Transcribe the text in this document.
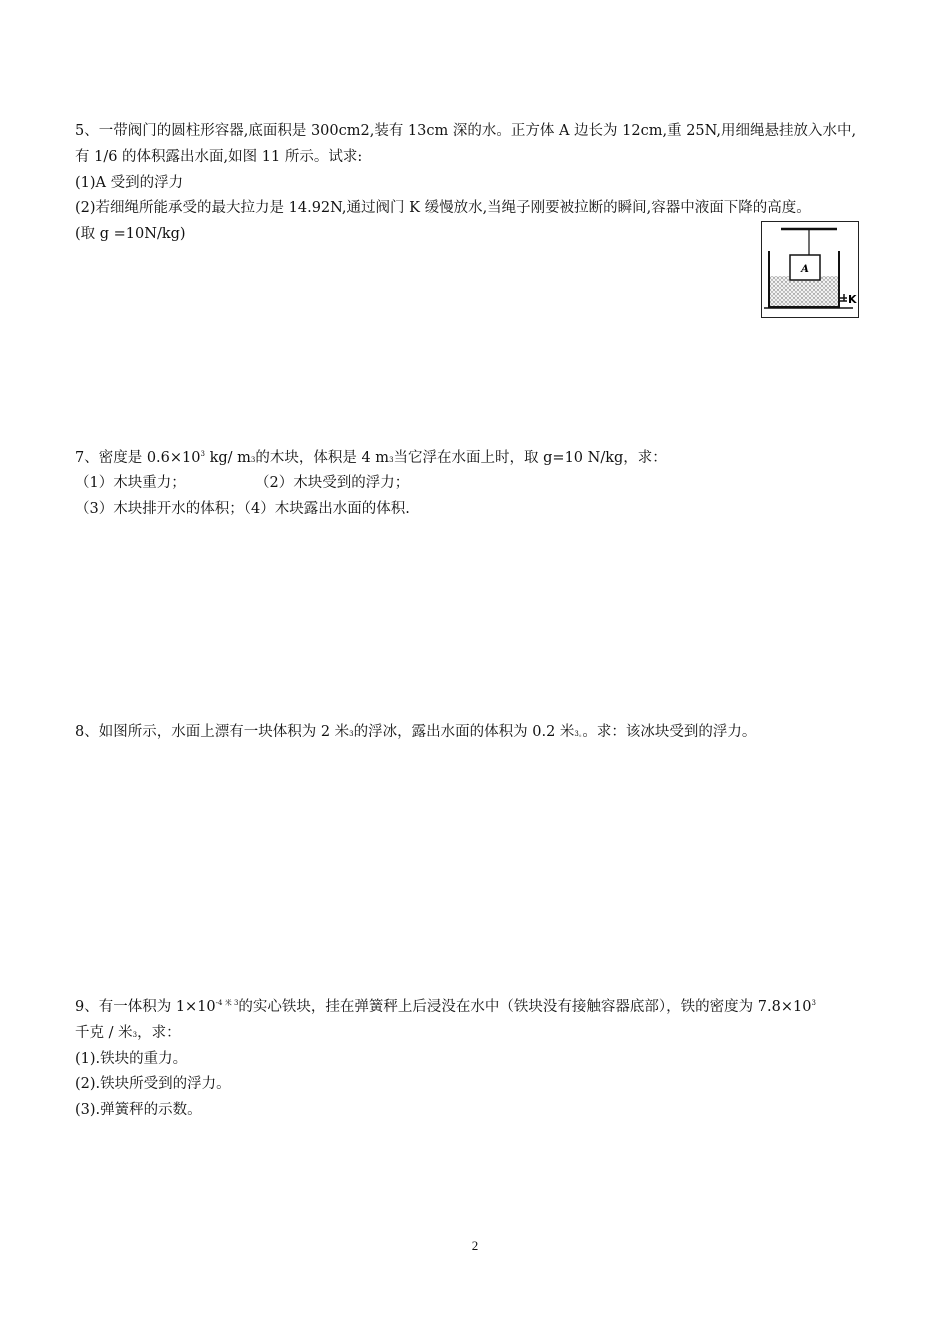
5、一带阀门的圆柱形容器,底面积是 300cm2,装有 13cm 深的水。正方体 A 边长为 12cm,重 25N,用细绳悬挂放入水中,
有 1/6 的体积露出水面,如图 11 所示。试求:
(1)A 受到的浮力
(2)若细绳所能承受的最大拉力是 14.92N,通过阀门 K 缓慢放水,当绳子刚要被拉断的瞬间,容器中液面下降的高度。
(取 g =10N/kg)
A
K
7、密度是 $0.6\times 10^3$ kg/ m3的木块，体积是 4 m3当它浮在水面上时，取 g=10 N/kg，求：
（1）木块重力；	（2）木块受到的浮力；
（3）木块排开水的体积；（4）木块露出水面的体积.
8、如图所示，水面上漂有一块体积为 2 米3的浮冰，露出水面的体积为 0.2 米3。。求：该冰块受到的浮力。
9、有一体积为 $1\times 10^{-4 米 3}$的实心铁块，挂在弹簧秤上后浸没在水中（铁块没有接触容器底部），铁的密度为 $7.8\times 10^3$
千克 / 米3，求：
(1).铁块的重力。
(2).铁块所受到的浮力。
(3).弹簧秤的示数。
2
